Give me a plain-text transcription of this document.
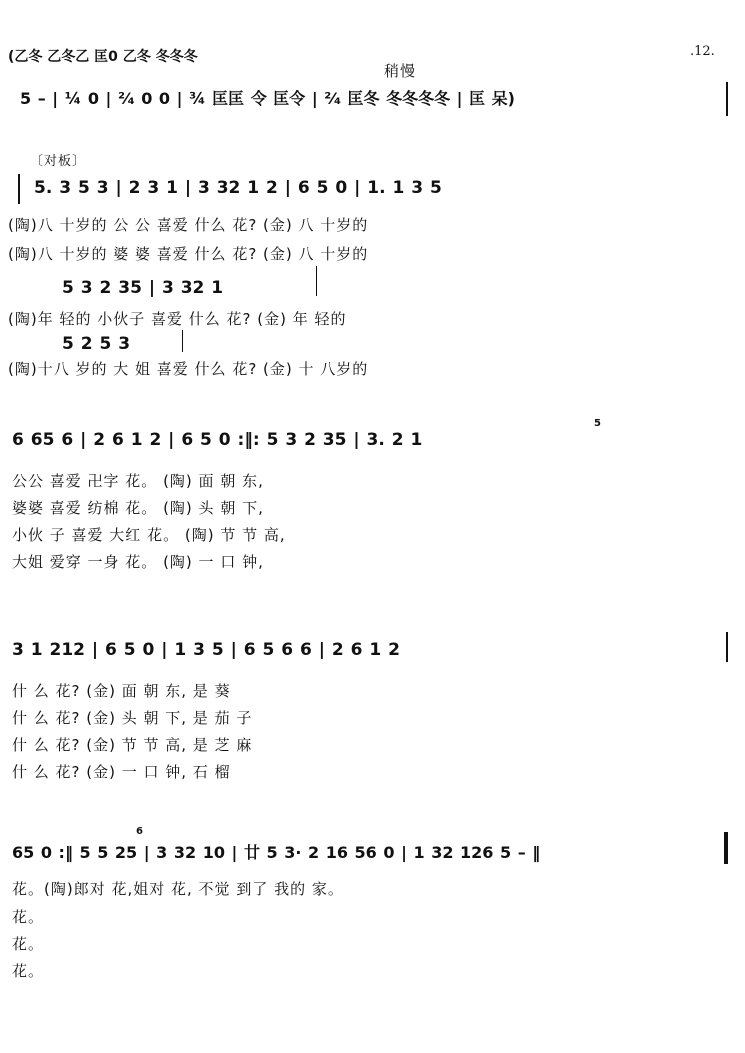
.12.
(乙冬 乙冬乙 匡0 乙冬 冬冬冬
稍慢
5 – | ¼ 0 | ²⁄₄ 0 0 | ¾ 匡匡 令 匡令 | ²⁄₄ 匡冬 冬冬冬冬 | 匡 呆)
〔对板〕
5. 3 5 3 | 2 3 1 | 3 32 1 2 | 6 5 0 | 1. 1 3 5
(陶)八 十岁的 公 公 喜爱 什么 花? (金) 八 十岁的
(陶)八 十岁的 婆 婆 喜爱 什么 花? (金) 八 十岁的
5 3 2 35 | 3 32 1
(陶)年 轻的 小伙子 喜爱 什么 花? (金) 年 轻的
5 2 5 3
(陶)十八 岁的 大 姐 喜爱 什么 花? (金) 十 八岁的
6 65 6 | 2 6 1 2 | 6 5 0 :‖: 5 3 2 35 | 3. 2 1
5
公公 喜爱 卍字 花。 (陶) 面 朝 东,
婆婆 喜爱 纺棉 花。 (陶) 头 朝 下,
小伙 子 喜爱 大红 花。 (陶) 节 节 高,
大姐 爱穿 一身 花。 (陶) 一 口 钟,
3 1 212 | 6 5 0 | 1 3 5 | 6 5 6 6 | 2 6 1 2
什 么 花? (金) 面 朝 东, 是 葵
什 么 花? (金) 头 朝 下, 是 茄 子
什 么 花? (金) 节 节 高, 是 芝 麻
什 么 花? (金) 一 口 钟, 石 榴
65 0 :‖ 5 5 25 | 3 32 10 | 廿 5 3· 2 16 56 0 | 1 32 126 5 – ‖
6
花。(陶)郎对 花,姐对 花, 不觉 到了 我的 家。
花。
花。
花。
